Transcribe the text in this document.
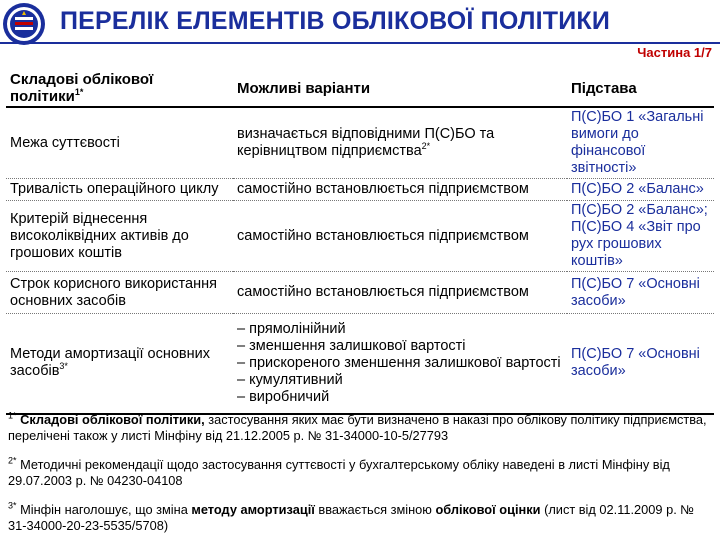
ПЕРЕЛІК ЕЛЕМЕНТІВ ОБЛІКОВОЇ ПОЛІТИКИ
Частина 1/7
Складові облікової політики$^{1*}$	Можливі варіанти	Підстава
Межа суттєвості	визначається відповідними П(С)БО та керівництвом підприємства$^{2*}$	П(С)БО 1 «Загальні вимоги до фінансової звітності»
Тривалість операційного циклу	самостійно встановлюється підприємством	П(С)БО 2 «Баланс»
Критерій віднесення високоліквідних активів до грошових коштів	самостійно встановлюється підприємством	П(С)БО 2 «Баланс»; П(С)БО 4 «Звіт про рух грошових коштів»
Строк корисного використання основних засобів	самостійно встановлюється підприємством	П(С)БО 7 «Основні засоби»
Методи амортизації основних засобів$^{3*}$	– прямолінійний
– зменшення залишкової вартості
– прискореного зменшення залишкової вартості
– кумулятивний
– виробничий	П(С)БО 7 «Основні засоби»
$^{1*}$ Складові облікової політики, застосування яких має бути визначено в наказі про облікову політику підприємства, перелічені також у листі Мінфіну від 21.12.2005 р. № 31-34000-10-5/27793
$^{2*}$ Методичні рекомендації щодо застосування суттєвості у бухгалтерському обліку наведені в листі Мінфіну від 29.07.2003 р. № 04230-04108
$^{3*}$ Мінфін наголошує, що зміна методу амортизації вважається зміною облікової оцінки (лист від 02.11.2009 р. № 31-34000-20-23-5535/5708)
